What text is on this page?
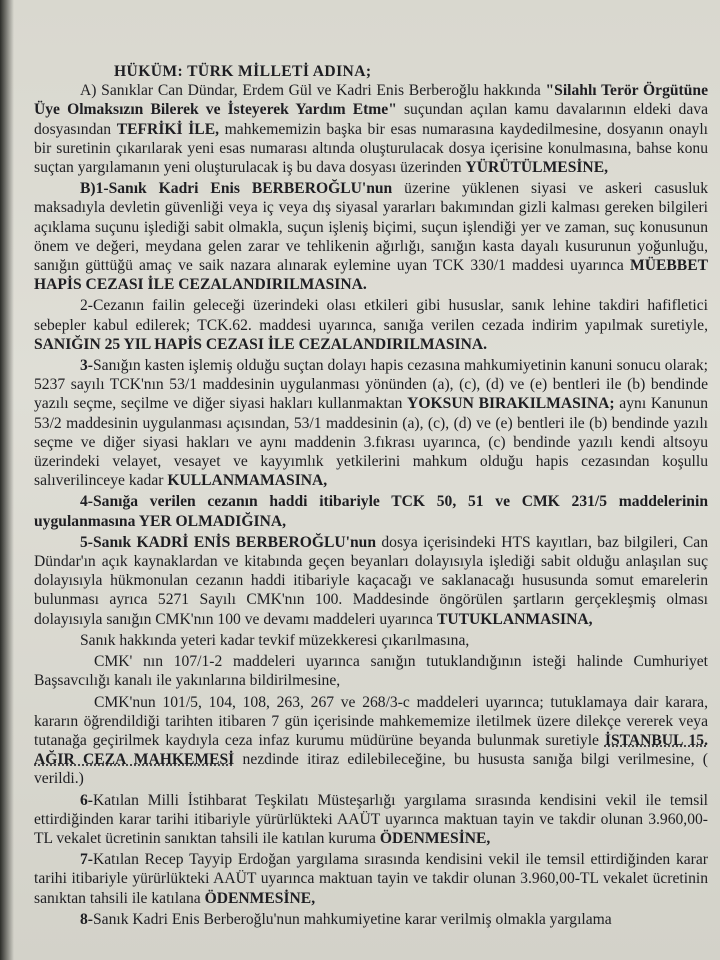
HÜKÜM: TÜRK MİLLETİ ADINA;

A) Sanıklar Can Dündar, Erdem Gül ve Kadri Enis Berberoğlu hakkında "Silahlı Terör Örgütüne Üye Olmaksızın Bilerek ve İsteyerek Yardım Etme" suçundan açılan kamu davalarının eldeki dava dosyasından TEFRİKİ İLE, mahkememizin başka bir esas numarasına kaydedilmesine, dosyanın onaylı bir suretinin çıkarılarak yeni esas numarası altında oluşturulacak dosya içerisine konulmasına, bahse konu suçtan yargılamanın yeni oluşturulacak iş bu dava dosyası üzerinden YÜRÜTÜLMESİNE,

B)1-Sanık Kadri Enis BERBEROĞLU'nun üzerine yüklenen siyasi ve askeri casusluk maksadıyla devletin güvenliği veya iç veya dış siyasal yararları bakımından gizli kalması gereken bilgileri açıklama suçunu işlediği sabit olmakla, suçun işleniş biçimi, suçun işlendiği yer ve zaman, suç konusunun önem ve değeri, meydana gelen zarar ve tehlikenin ağırlığı, sanığın kasta dayalı kusurunun yoğunluğu, sanığın güttüğü amaç ve saik nazara alınarak eylemine uyan TCK 330/1 maddesi uyarınca MÜEBBET HAPİS CEZASI İLE CEZALANDIRILMASINA.

2-Cezanın failin geleceği üzerindeki olası etkileri gibi hususlar, sanık lehine takdiri hafifletici sebepler kabul edilerek; TCK.62. maddesi uyarınca, sanığa verilen cezada indirim yapılmak suretiyle, SANIĞIN 25 YIL HAPİS CEZASI İLE CEZALANDIRILMASINA.

3-Sanığın kasten işlemiş olduğu suçtan dolayı hapis cezasına mahkumiyetinin kanuni sonucu olarak; 5237 sayılı TCK'nın 53/1 maddesinin uygulanması yönünden (a), (c), (d) ve (e) bentleri ile (b) bendinde yazılı seçme, seçilme ve diğer siyasi hakları kullanmaktan YOKSUN BIRAKILMASINA; aynı Kanunun 53/2 maddesinin uygulanması açısından, 53/1 maddesinin (a), (c), (d) ve (e) bentleri ile (b) bendinde yazılı seçme ve diğer siyasi hakları ve aynı maddenin 3.fıkrası uyarınca, (c) bendinde yazılı kendi altsoyu üzerindeki velayet, vesayet ve kayyımlık yetkilerini mahkum olduğu hapis cezasından koşullu salıverilinceye kadar KULLANMAMASINA,

4-Sanığa verilen cezanın haddi itibariyle TCK 50, 51 ve CMK 231/5 maddelerinin uygulanmasına YER OLMADIĞINA,

5-Sanık KADRİ ENİS BERBEROĞLU'nun dosya içerisindeki HTS kayıtları, baz bilgileri, Can Dündar'ın açık kaynaklardan ve kitabında geçen beyanları dolayısıyla işlediği sabit olduğu anlaşılan suç dolayısıyla hükmonulan cezanın haddi itibariyle kaçacağı ve saklanacağı hususunda somut emarelerin bulunması ayrıca 5271 Sayılı CMK'nın 100. Maddesinde öngörülen şartların gerçekleşmiş olması dolayısıyla sanığın CMK'nın 100 ve devamı maddeleri uyarınca TUTUKLANMASINA,

Sanık hakkında yeteri kadar tevkif müzekkeresi çıkarılmasına,

CMK' nın 107/1-2 maddeleri uyarınca sanığın tutuklandığının isteği halinde Cumhuriyet Başsavcılığı kanalı ile yakınlarına bildirilmesine,

CMK'nun 101/5, 104, 108, 263, 267 ve 268/3-c maddeleri uyarınca; tutuklamaya dair karara, kararın öğrendildiği tarihten itibaren 7 gün içerisinde mahkememize iletilmek üzere dilekçe vererek veya tutanağa geçirilmek kaydıyla ceza infaz kurumu müdürüne beyanda bulunmak suretiyle İSTANBUL 15. AĞIR CEZA MAHKEMESİ nezdinde itiraz edilebileceğine, bu hususta sanığa bilgi verilmesine, ( verildi.)

6-Katılan Milli İstihbarat Teşkilatı Müsteşarlığı yargılama sırasında kendisini vekil ile temsil ettirdiğinden karar tarihi itibariyle yürürlükteki AAÜT uyarınca maktuan tayin ve takdir olunan 3.960,00-TL vekalet ücretinin sanıktan tahsili ile katılan kuruma ÖDENMESİNE,

7-Katılan Recep Tayyip Erdoğan yargılama sırasında kendisini vekil ile temsil ettirdiğinden karar tarihi itibariyle yürürlükteki AAÜT uyarınca maktuan tayin ve takdir olunan 3.960,00-TL vekalet ücretinin sanıktan tahsili ile katılana ÖDENMESİNE,

8-Sanık Kadri Enis Berberoğlu'nun mahkumiyetine karar verilmiş olmakla yargılama
